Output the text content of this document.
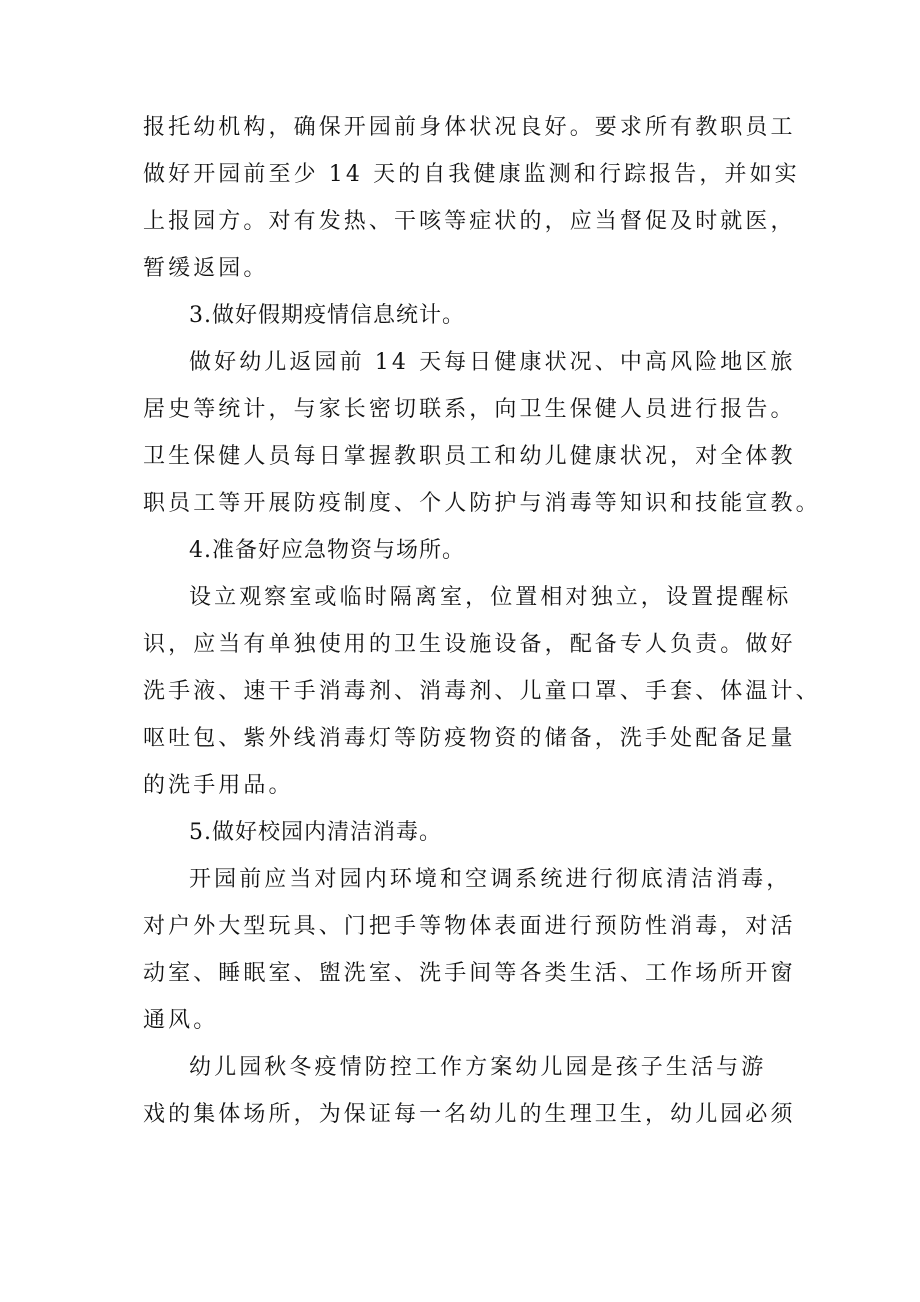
报托幼机构，确保开园前身体状况良好。要求所有教职员工
做好开园前至少 14 天的自我健康监测和行踪报告，并如实
上报园方。对有发热、干咳等症状的，应当督促及时就医，
暂缓返园。
3.做好假期疫情信息统计。
做好幼儿返园前 14 天每日健康状况、中高风险地区旅
居史等统计，与家长密切联系，向卫生保健人员进行报告。
卫生保健人员每日掌握教职员工和幼儿健康状况，对全体教
职员工等开展防疫制度、个人防护与消毒等知识和技能宣教。
4.准备好应急物资与场所。
设立观察室或临时隔离室，位置相对独立，设置提醒标
识，应当有单独使用的卫生设施设备，配备专人负责。做好
洗手液、速干手消毒剂、消毒剂、儿童口罩、手套、体温计、
呕吐包、紫外线消毒灯等防疫物资的储备，洗手处配备足量
的洗手用品。
5.做好校园内清洁消毒。
开园前应当对园内环境和空调系统进行彻底清洁消毒，
对户外大型玩具、门把手等物体表面进行预防性消毒，对活
动室、睡眠室、盥洗室、洗手间等各类生活、工作场所开窗
通风。
幼儿园秋冬疫情防控工作方案幼儿园是孩子生活与游
戏的集体场所，为保证每一名幼儿的生理卫生，幼儿园必须
